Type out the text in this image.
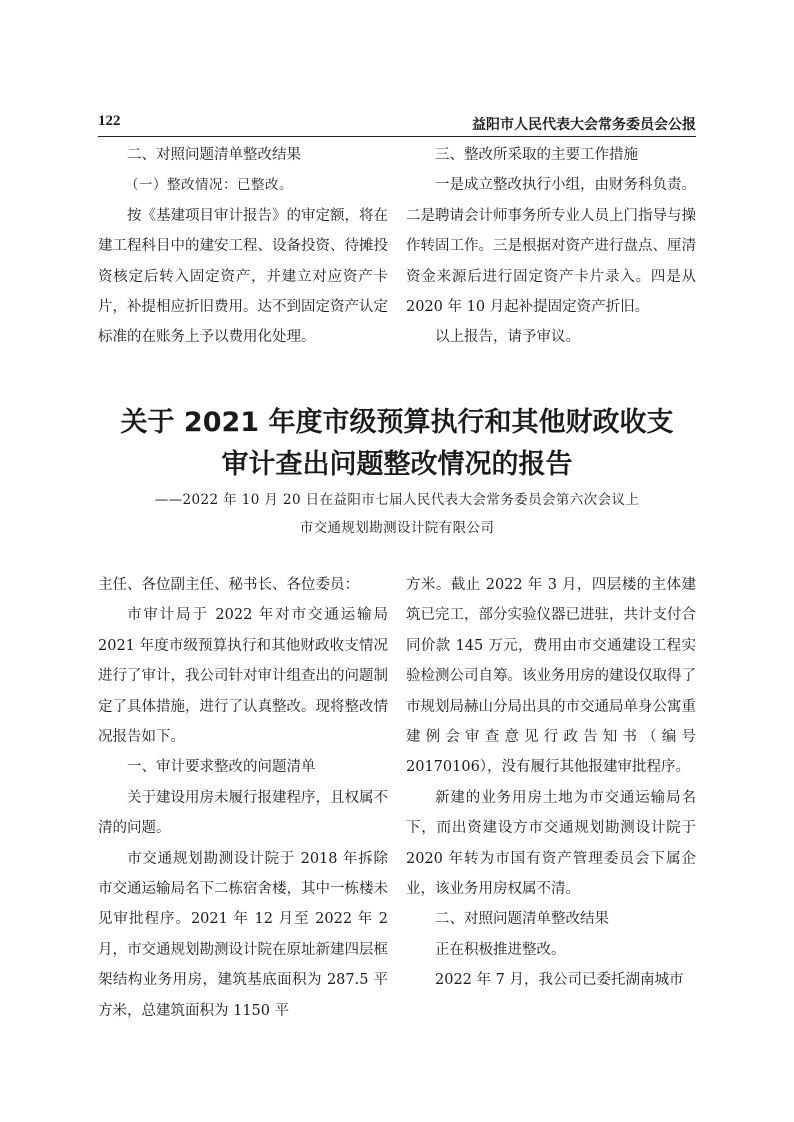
122	益阳市人民代表大会常务委员会公报

二、对照问题清单整改结果

（一）整改情况：已整改。

按《基建项目审计报告》的审定额，将在建工程科目中的建安工程、设备投资、待摊投资核定后转入固定资产，并建立对应资产卡片，补提相应折旧费用。达不到固定资产认定标准的在账务上予以费用化处理。

三、整改所采取的主要工作措施

一是成立整改执行小组，由财务科负责。二是聘请会计师事务所专业人员上门指导与操作转固工作。三是根据对资产进行盘点、厘清资金来源后进行固定资产卡片录入。四是从 2020 年 10 月起补提固定资产折旧。

以上报告，请予审议。

关于 2021 年度市级预算执行和其他财政收支
审计查出问题整改情况的报告
——2022 年 10 月 20 日在益阳市七届人民代表大会常务委员会第六次会议上
市交通规划勘测设计院有限公司

主任、各位副主任、秘书长、各位委员：

市审计局于 2022 年对市交通运输局 2021 年度市级预算执行和其他财政收支情况进行了审计，我公司针对审计组查出的问题制定了具体措施，进行了认真整改。现将整改情况报告如下。

一、审计要求整改的问题清单

关于建设用房未履行报建程序，且权属不清的问题。

市交通规划勘测设计院于 2018 年拆除市交通运输局名下二栋宿舍楼，其中一栋楼未见审批程序。2021 年 12 月至 2022 年 2 月，市交通规划勘测设计院在原址新建四层框架结构业务用房，建筑基底面积为 287.5 平方米，总建筑面积为 1150 平

方米。截止 2022 年 3 月，四层楼的主体建筑已完工，部分实验仪器已进驻，共计支付合同价款 145 万元，费用由市交通建设工程实验检测公司自筹。该业务用房的建设仅取得了市规划局赫山分局出具的市交通局单身公寓重建例会审查意见行政告知书（编号 20170106），没有履行其他报建审批程序。

新建的业务用房土地为市交通运输局名下，而出资建设方市交通规划勘测设计院于 2020 年转为市国有资产管理委员会下属企业，该业务用房权属不清。

二、对照问题清单整改结果

正在积极推进整改。

2022 年 7 月，我公司已委托湖南城市
